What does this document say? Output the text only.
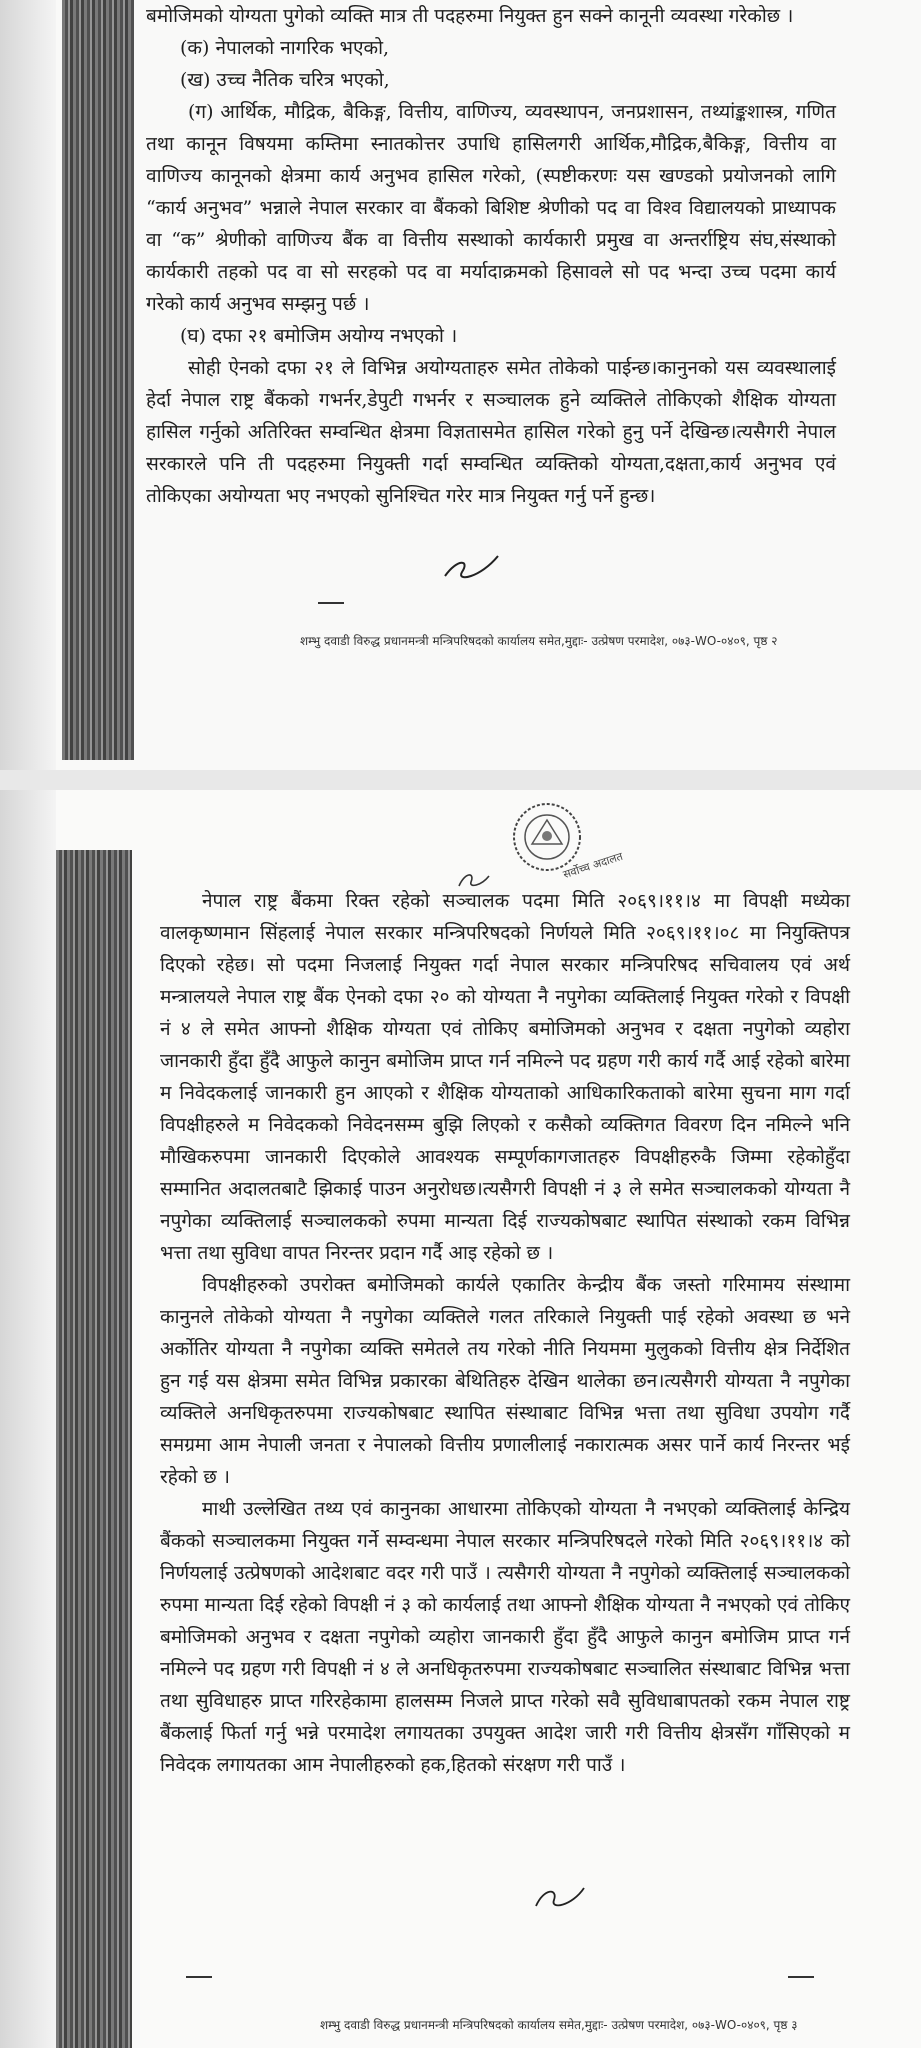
बमोजिमको योग्यता पुगेको व्यक्ति मात्र ती पदहरुमा नियुक्त हुन सक्ने कानूनी व्यवस्था गरेकोछ ।

(क) नेपालको नागरिक भएको,

(ख) उच्च नैतिक चरित्र भएको,

(ग) आर्थिक, मौद्रिक, बैकिङ्ग, वित्तीय, वाणिज्य, व्यवस्थापन, जनप्रशासन, तथ्यांङ्कशास्त्र, गणित तथा कानून विषयमा कम्तिमा स्नातकोत्तर उपाधि हासिलगरी आर्थिक,मौद्रिक,बैकिङ्ग, वित्तीय वा वाणिज्य कानूनको क्षेत्रमा कार्य अनुभव हासिल गरेको, (स्पष्टीकरणः यस खण्डको प्रयोजनको लागि “कार्य अनुभव” भन्नाले नेपाल सरकार वा बैंकको बिशिष्ट श्रेणीको पद वा विश्व विद्यालयको प्राध्यापक वा “क” श्रेणीको वाणिज्य बैंक वा वित्तीय सस्थाको कार्यकारी प्रमुख वा अन्तर्राष्ट्रिय संघ,संस्थाको कार्यकारी तहको पद वा सो सरहको पद वा मर्यादाक्रमको हिसावले सो पद भन्दा उच्च पदमा कार्य गरेको कार्य अनुभव सम्झनु पर्छ ।

(घ) दफा २१ बमोजिम अयोग्य नभएको ।

सोही ऐनको दफा २१ ले विभिन्न अयोग्यताहरु समेत तोकेको पाईन्छ।कानुनको यस व्यवस्थालाई हेर्दा नेपाल राष्ट्र बैंकको गभर्नर,डेपुटी गभर्नर र सञ्चालक हुने व्यक्तिले तोकिएको शैक्षिक योग्यता हासिल गर्नुको अतिरिक्त सम्वन्धित क्षेत्रमा विज्ञतासमेत हासिल गरेको हुनु पर्ने देखिन्छ।त्यसैगरी नेपाल सरकारले पनि ती पदहरुमा नियुक्ती गर्दा सम्वन्धित व्यक्तिको योग्यता,दक्षता,कार्य अनुभव एवं तोकिएका अयोग्यता भए नभएको सुनिश्चित गरेर मात्र नियुक्त गर्नु पर्ने हुन्छ।

शम्भु दवाडी विरुद्ध प्रधानमन्त्री मन्त्रिपरिषदको कार्यालय समेत,मुद्दाः- उत्प्रेषण परमादेश, ०७३-WO-०४०९, पृष्ठ २
सर्वोच्च अदालत

नेपाल राष्ट्र बैंकमा रिक्त रहेको सञ्चालक पदमा मिति २०६९।११।४ मा विपक्षी मध्येका वालकृष्णमान सिंहलाई नेपाल सरकार मन्त्रिपरिषदको निर्णयले मिति २०६९।११।०८ मा नियुक्तिपत्र दिएको रहेछ। सो पदमा निजलाई नियुक्त गर्दा नेपाल सरकार मन्त्रिपरिषद सचिवालय एवं अर्थ मन्त्रालयले नेपाल राष्ट्र बैंक ऐनको दफा २० को योग्यता नै नपुगेका व्यक्तिलाई नियुक्त गरेको र विपक्षी नं ४ ले समेत आफ्नो शैक्षिक योग्यता एवं तोकिए बमोजिमको अनुभव र दक्षता नपुगेको व्यहोरा जानकारी हुँदा हुँदै आफुले कानुन बमोजिम प्राप्त गर्न नमिल्ने पद ग्रहण गरी कार्य गर्दै आई रहेको बारेमा म निवेदकलाई जानकारी हुन आएको र शैक्षिक योग्यताको आधिकारिकताको बारेमा सुचना माग गर्दा विपक्षीहरुले म निवेदकको निवेदनसम्म बुझि लिएको र कसैको व्यक्तिगत विवरण दिन नमिल्ने भनि मौखिकरुपमा जानकारी दिएकोले आवश्यक सम्पूर्णकागजातहरु विपक्षीहरुकै जिम्मा रहेकोहुँदा सम्मानित अदालतबाटै झिकाई पाउन अनुरोधछ।त्यसैगरी विपक्षी नं ३ ले समेत सञ्चालकको योग्यता नै नपुगेका व्यक्तिलाई सञ्चालकको रुपमा मान्यता दिई राज्यकोषबाट स्थापित संस्थाको रकम विभिन्न भत्ता तथा सुविधा वापत निरन्तर प्रदान गर्दै आइ रहेको छ ।

विपक्षीहरुको उपरोक्त बमोजिमको कार्यले एकातिर केन्द्रीय बैंक जस्तो गरिमामय संस्थामा कानुनले तोकेको योग्यता नै नपुगेका व्यक्तिले गलत तरिकाले नियुक्ती पाई रहेको अवस्था छ भने अर्कोतिर योग्यता नै नपुगेका व्यक्ति समेतले तय गरेको नीति नियममा मुलुकको वित्तीय क्षेत्र निर्देशित हुन गई यस क्षेत्रमा समेत विभिन्न प्रकारका बेथितिहरु देखिन थालेका छन।त्यसैगरी योग्यता नै नपुगेका व्यक्तिले अनधिकृतरुपमा राज्यकोषबाट स्थापित संस्थाबाट विभिन्न भत्ता तथा सुविधा उपयोग गर्दै समग्रमा आम नेपाली जनता र नेपालको वित्तीय प्रणालीलाई नकारात्मक असर पार्ने कार्य निरन्तर भई रहेको छ ।

माथी उल्लेखित तथ्य एवं कानुनका आधारमा तोकिएको योग्यता नै नभएको व्यक्तिलाई केन्द्रिय बैंकको सञ्चालकमा नियुक्त गर्ने सम्वन्धमा नेपाल सरकार मन्त्रिपरिषदले गरेको मिति २०६९।११।४ को निर्णयलाई उत्प्रेषणको आदेशबाट वदर गरी पाउँ । त्यसैगरी योग्यता नै नपुगेको व्यक्तिलाई सञ्चालकको रुपमा मान्यता दिई रहेको विपक्षी नं ३ को कार्यलाई तथा आफ्नो शैक्षिक योग्यता नै नभएको एवं तोकिए बमोजिमको अनुभव र दक्षता नपुगेको व्यहोरा जानकारी हुँदा हुँदै आफुले कानुन बमोजिम प्राप्त गर्न नमिल्ने पद ग्रहण गरी विपक्षी नं ४ ले अनधिकृतरुपमा राज्यकोषबाट सञ्चालित संस्थाबाट विभिन्न भत्ता तथा सुविधाहरु प्राप्त गरिरहेकामा हालसम्म निजले प्राप्त गरेको सवै सुविधाबापतको रकम नेपाल राष्ट्र बैंकलाई फिर्ता गर्नु भन्ने परमादेश लगायतका उपयुक्त आदेश जारी गरी वित्तीय क्षेत्रसँग गाँसिएको म निवेदक लगायतका आम नेपालीहरुको हक,हितको संरक्षण गरी पाउँ ।

शम्भु दवाडी विरुद्ध प्रधानमन्त्री मन्त्रिपरिषदको कार्यालय समेत,मुद्दाः- उत्प्रेषण परमादेश, ०७३-WO-०४०९, पृष्ठ ३
